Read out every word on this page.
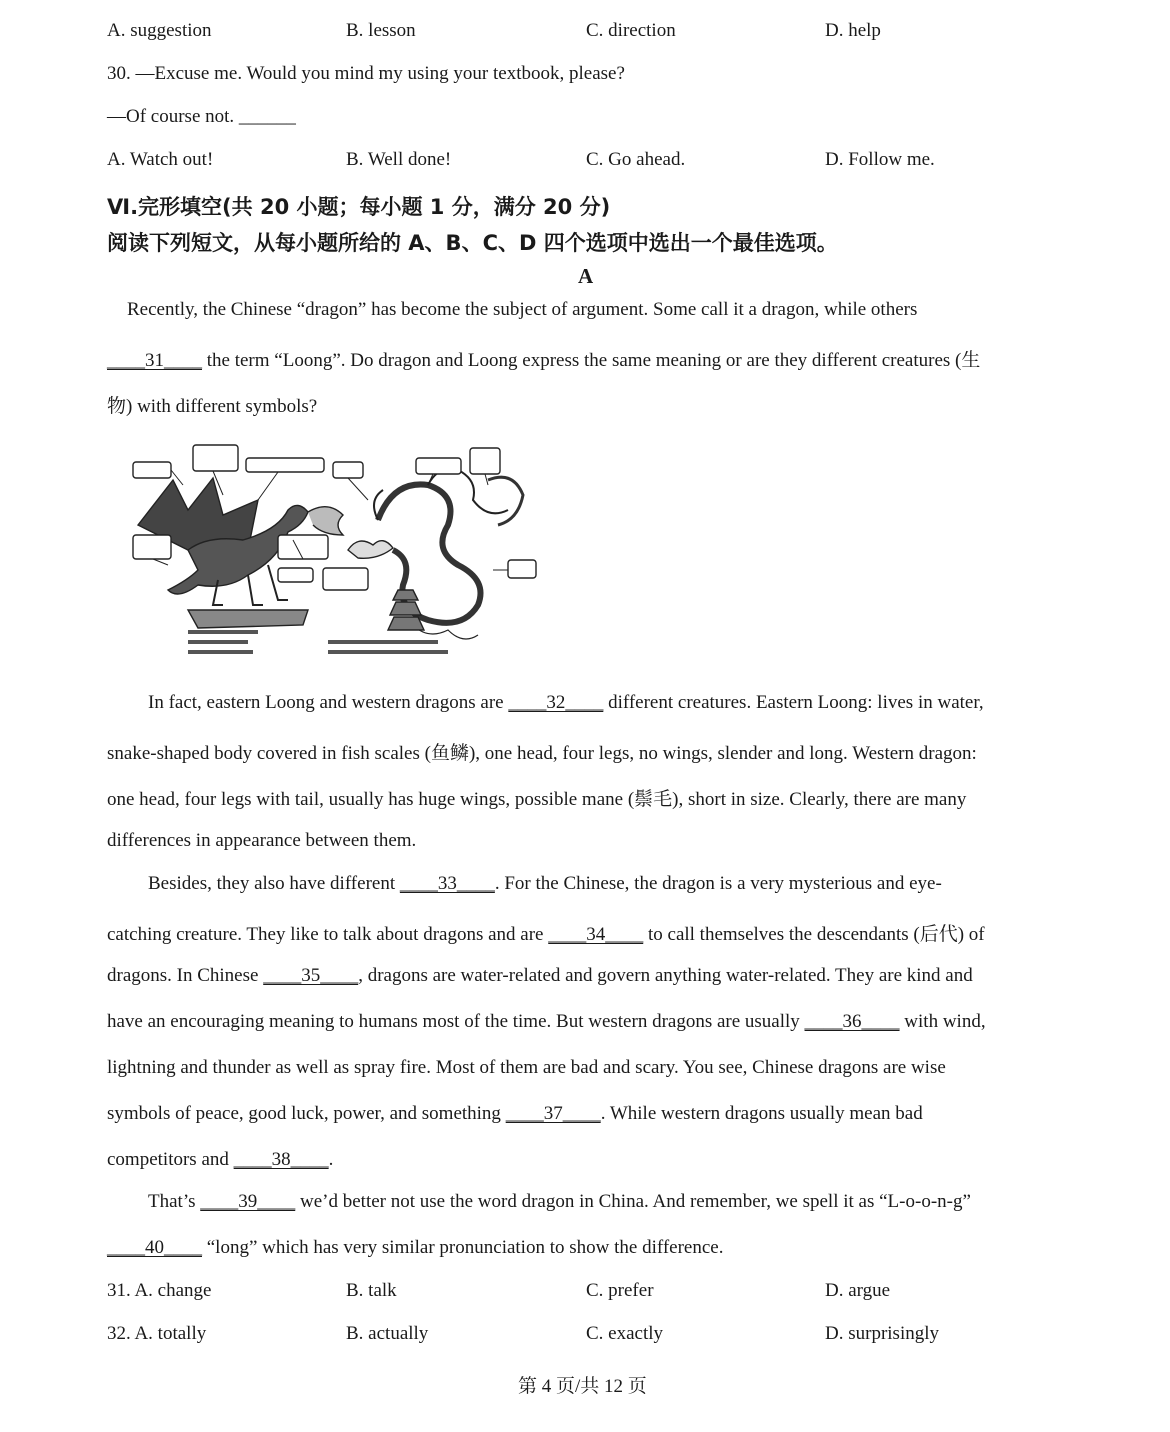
A. suggestion	B. lesson	C. direction	D. help
30. —Excuse me. Would you mind my using your textbook, please?
—Of course not. ______
A. Watch out!	B. Well done!	C. Go ahead.	D. Follow me.
Ⅵ.完形填空(共 20 小题；每小题 1 分，满分 20 分)
阅读下列短文，从每小题所给的 A、B、C、D 四个选项中选出一个最佳选项。
A
Recently, the Chinese “dragon” has become the subject of argument. Some call it a dragon, while others
____31____ the term “Loong”. Do dragon and Loong express the same meaning or are they different creatures (生
物) with different symbols?
In fact, eastern Loong and western dragons are ____32____ different creatures. Eastern Loong: lives in water,
snake-shaped body covered in fish scales (鱼鳞), one head, four legs, no wings, slender and long. Western dragon:
one head, four legs with tail, usually has huge wings, possible mane (鬃毛), short in size. Clearly, there are many
differences in appearance between them.
Besides, they also have different ____33____. For the Chinese, the dragon is a very mysterious and eye-
catching creature. They like to talk about dragons and are ____34____ to call themselves the descendants (后代) of
dragons. In Chinese ____35____, dragons are water-related and govern anything water-related. They are kind and
have an encouraging meaning to humans most of the time. But western dragons are usually ____36____ with wind,
lightning and thunder as well as spray fire. Most of them are bad and scary. You see, Chinese dragons are wise
symbols of peace, good luck, power, and something ____37____. While western dragons usually mean bad
competitors and ____38____.
That’s ____39____ we’d better not use the word dragon in China. And remember, we spell it as “L-o-o-n-g”
____40____ “long” which has very similar pronunciation to show the difference.
31. A. change	B. talk	C. prefer	D. argue
32. A. totally	B. actually	C. exactly	D. surprisingly
第 4 页/共 12 页
